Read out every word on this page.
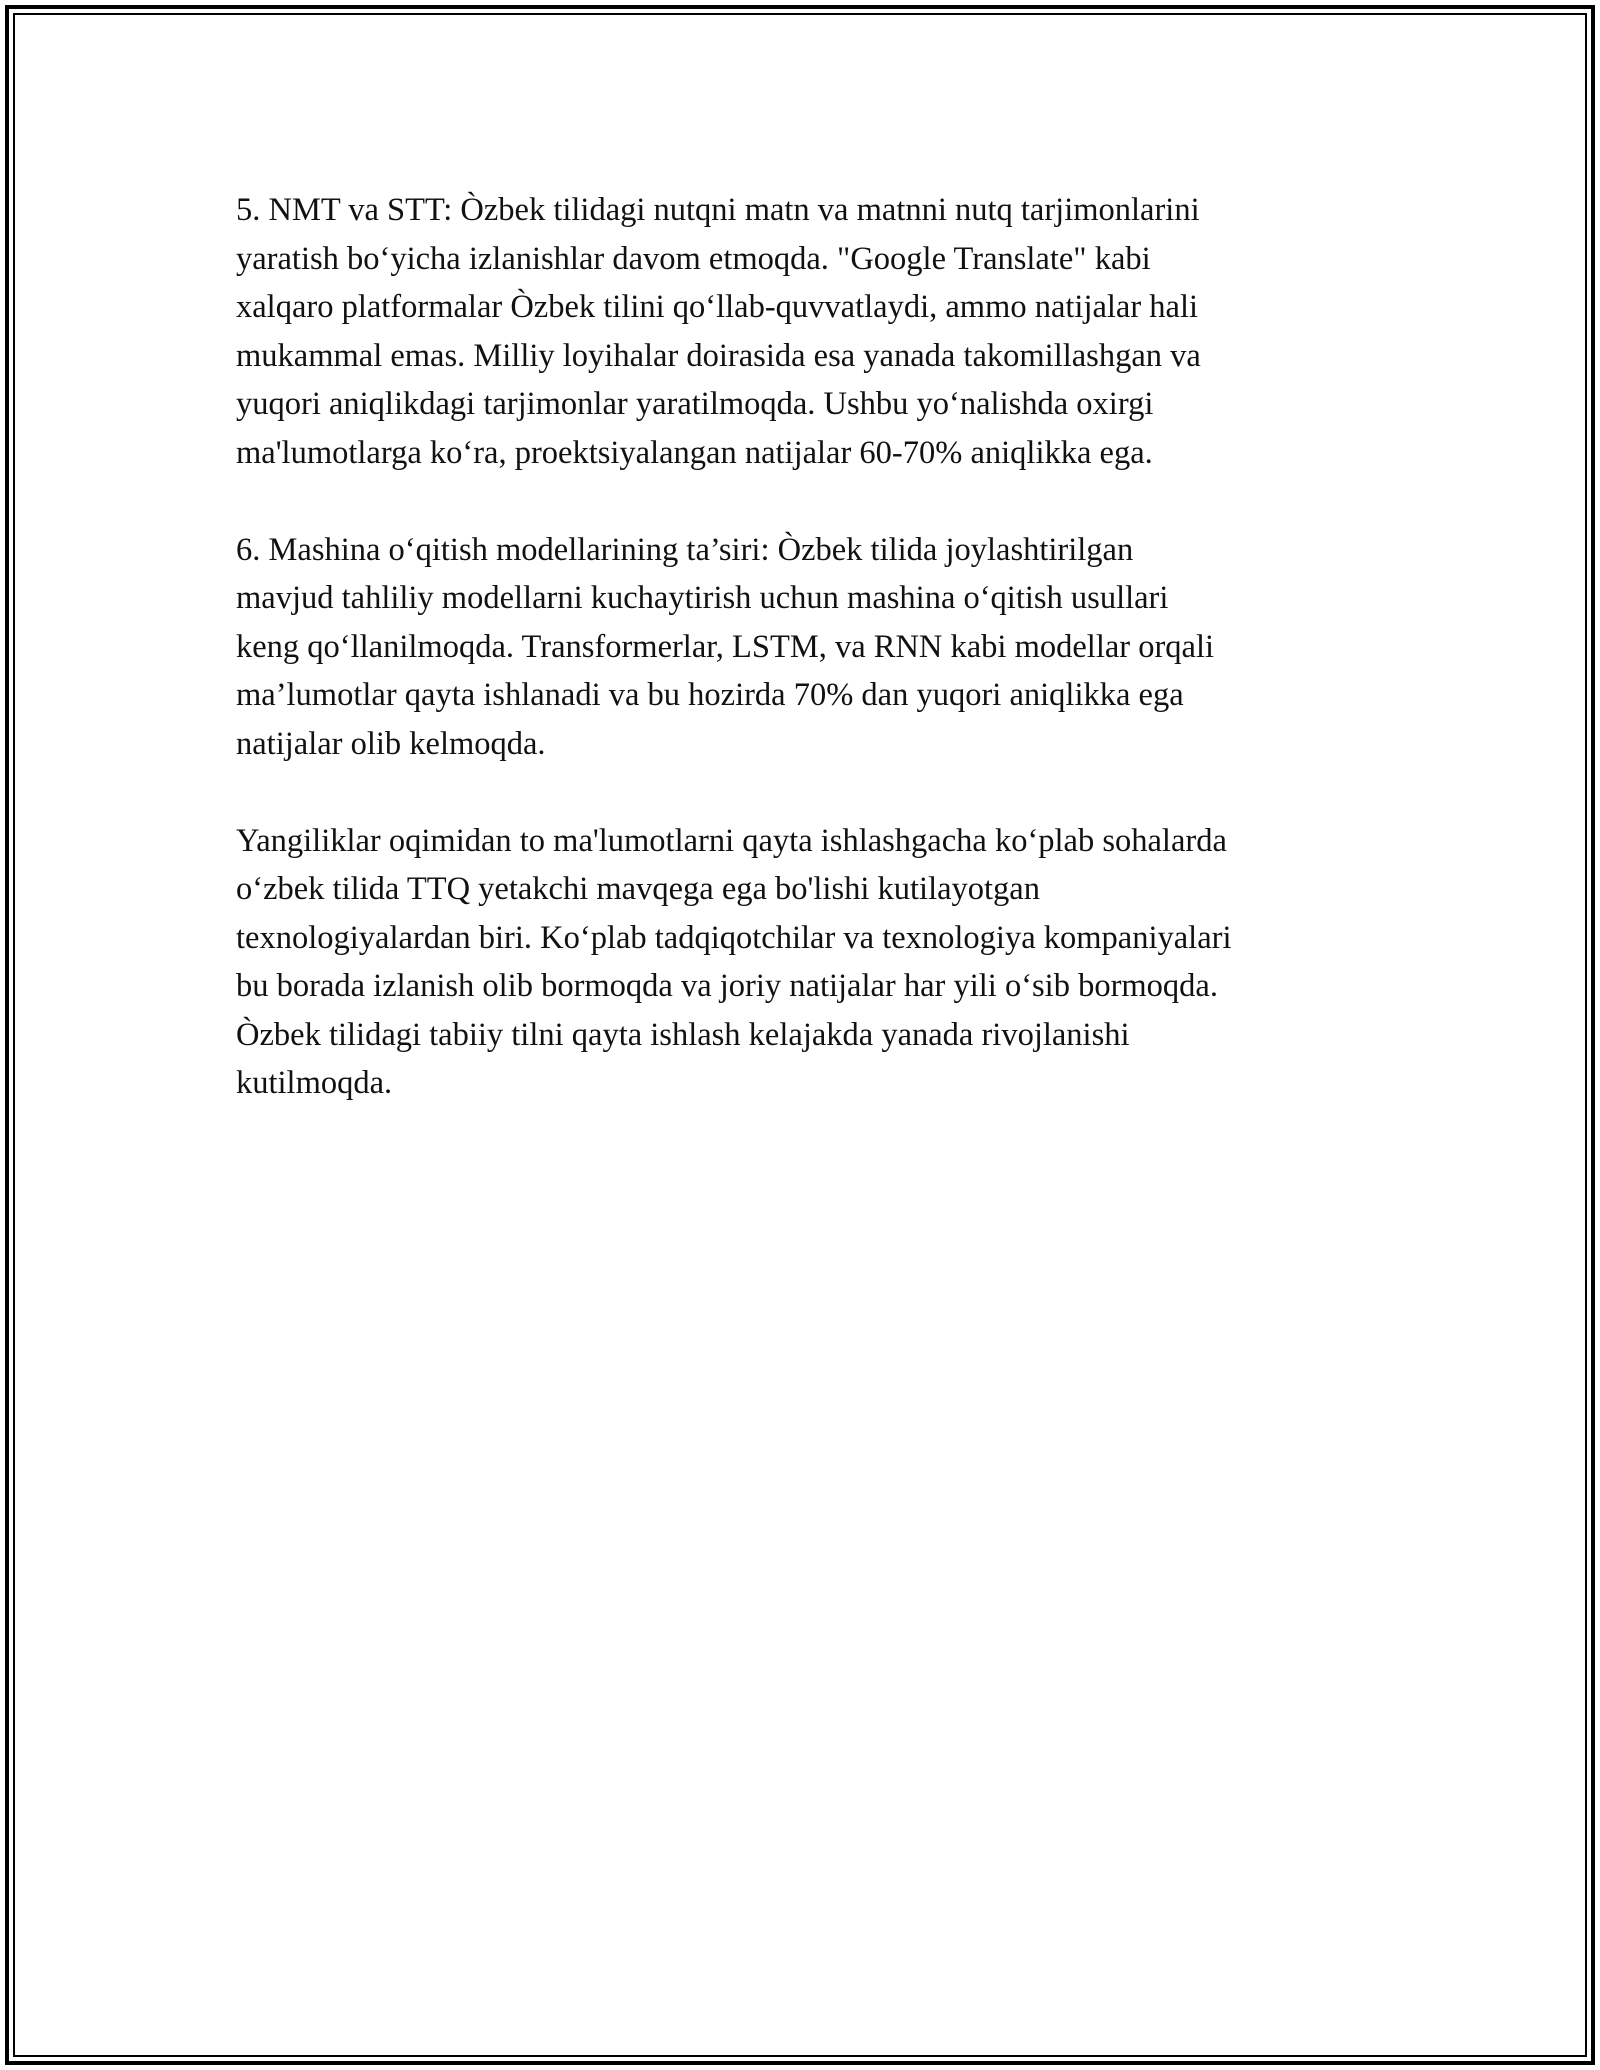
5. NMT va STT: Òzbek tilidagi nutqni matn va matnni nutq tarjimonlarini
yaratish bo‘yicha izlanishlar davom etmoqda. "Google Translate" kabi
xalqaro platformalar Òzbek tilini qo‘llab-quvvatlaydi, ammo natijalar hali
mukammal emas. Milliy loyihalar doirasida esa yanada takomillashgan va
yuqori aniqlikdagi tarjimonlar yaratilmoqda. Ushbu yo‘nalishda oxirgi
ma'lumotlarga ko‘ra, proektsiyalangan natijalar 60-70% aniqlikka ega.

6. Mashina o‘qitish modellarining ta’siri: Òzbek tilida joylashtirilgan
mavjud tahliliy modellarni kuchaytirish uchun mashina o‘qitish usullari
keng qo‘llanilmoqda. Transformerlar, LSTM, va RNN kabi modellar orqali
ma’lumotlar qayta ishlanadi va bu hozirda 70% dan yuqori aniqlikka ega
natijalar olib kelmoqda.

Yangiliklar oqimidan to ma'lumotlarni qayta ishlashgacha ko‘plab sohalarda
o‘zbek tilida TTQ yetakchi mavqega ega bo'lishi kutilayotgan
texnologiyalardan biri. Ko‘plab tadqiqotchilar va texnologiya kompaniyalari
bu borada izlanish olib bormoqda va joriy natijalar har yili o‘sib bormoqda.
Òzbek tilidagi tabiiy tilni qayta ishlash kelajakda yanada rivojlanishi
kutilmoqda.
